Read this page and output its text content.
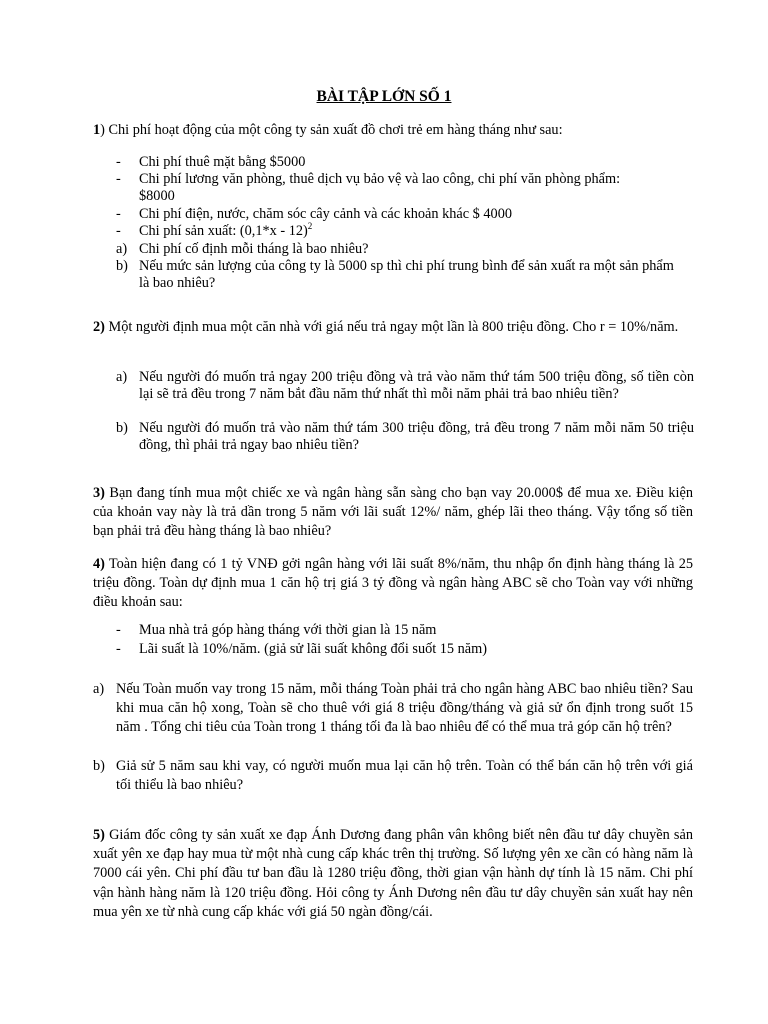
BÀI TẬP LỚN SỐ 1
1) Chi phí hoạt động của một công ty sản xuất đồ chơi trẻ em hàng tháng như sau:
- Chi phí thuê mặt bằng $5000
- Chi phí lương văn phòng, thuê dịch vụ bảo vệ và lao công, chi phí văn phòng phẩm: $8000
- Chi phí điện, nước, chăm sóc cây cảnh và các khoản khác $ 4000
- Chi phí sản xuất: (0,1*x - 12)$^2$
a) Chi phí cố định mỗi tháng là bao nhiêu?
b) Nếu mức sản lượng của công ty là 5000 sp thì chi phí trung bình để sản xuất ra một sản phẩm là bao nhiêu?
2) Một người định mua một căn nhà với giá nếu trả ngay một lần là 800 triệu đồng. Cho r = 10%/năm.
a) Nếu người đó muốn trả ngay 200 triệu đồng và trả vào năm thứ tám 500 triệu đồng, số tiền còn lại sẽ trả đều trong 7 năm bắt đầu năm thứ nhất thì mỗi năm phải trả bao nhiêu tiền?
b) Nếu người đó muốn trả vào năm thứ tám 300 triệu đồng, trả đều trong 7 năm mỗi năm 50 triệu đồng, thì phải trả ngay bao nhiêu tiền?
3) Bạn đang tính mua một chiếc xe và ngân hàng sẵn sàng cho bạn vay 20.000$ để mua xe. Điều kiện của khoản vay này là trả dần trong 5 năm với lãi suất 12%/ năm, ghép lãi theo tháng. Vậy tổng số tiền bạn phải trả đều hàng tháng là bao nhiêu?
4) Toàn hiện đang có 1 tỷ VNĐ gởi ngân hàng với lãi suất 8%/năm, thu nhập ổn định hàng tháng là 25 triệu đồng. Toàn dự định mua 1 căn hộ trị giá 3 tỷ đồng và ngân hàng ABC sẽ cho Toàn vay với những điều khoản sau:
- Mua nhà trả góp hàng tháng với thời gian là 15 năm
- Lãi suất là 10%/năm. (giả sử lãi suất không đổi suốt 15 năm)
a) Nếu Toàn muốn vay trong 15 năm, mỗi tháng Toàn phải trả cho ngân hàng ABC bao nhiêu tiền? Sau khi mua căn hộ xong, Toàn sẽ cho thuê với giá 8 triệu đồng/tháng và giả sử ổn định trong suốt 15 năm . Tổng chi tiêu của Toàn trong 1 tháng tối đa là bao nhiêu để có thể mua trả góp căn hộ trên?
b) Giả sử 5 năm sau khi vay, có người muốn mua lại căn hộ trên. Toàn có thể bán căn hộ trên với giá tối thiểu là bao nhiêu?
5) Giám đốc công ty sản xuất xe đạp Ánh Dương đang phân vân không biết nên đầu tư dây chuyền sản xuất yên xe đạp hay mua từ một nhà cung cấp khác trên thị trường. Số lượng yên xe cần có hàng năm là 7000 cái yên. Chi phí đầu tư ban đầu là 1280 triệu đồng, thời gian vận hành dự tính là 15 năm. Chi phí vận hành hàng năm là 120 triệu đồng. Hỏi công ty Ánh Dương nên đầu tư dây chuyền sản xuất hay nên mua yên xe từ nhà cung cấp khác với giá 50 ngàn đồng/cái.
